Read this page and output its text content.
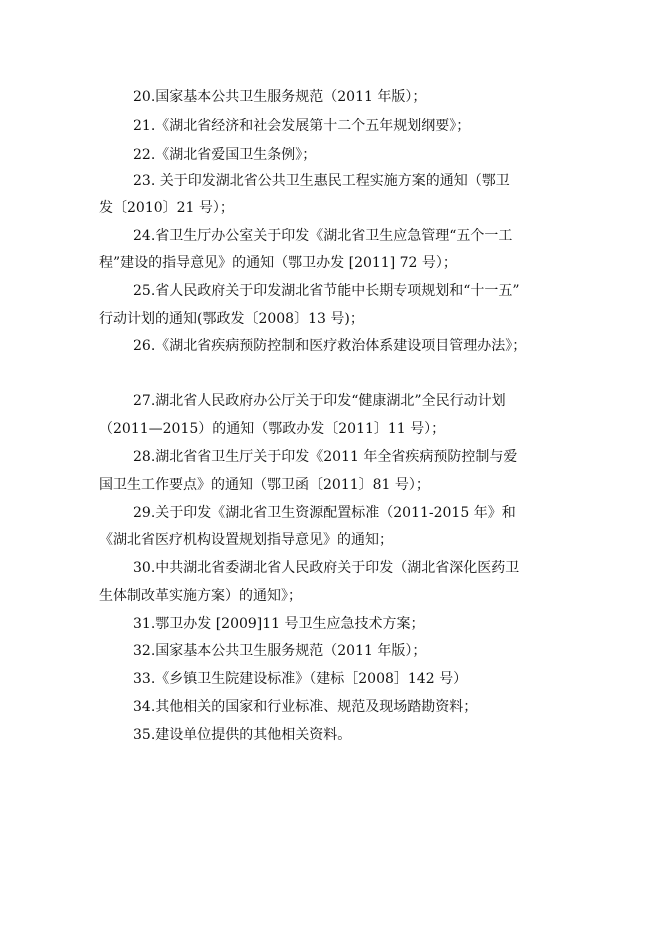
20.国家基本公共卫生服务规范（2011 年版）；
21.《湖北省经济和社会发展第十二个五年规划纲要》；
22.《湖北省爱国卫生条例》；
23. 关于印发湖北省公共卫生惠民工程实施方案的通知（鄂卫
发〔2010〕21 号）；
24.省卫生厅办公室关于印发《湖北省卫生应急管理“五个一工
程”建设的指导意见》的通知（鄂卫办发 [2011] 72 号）；
25.省人民政府关于印发湖北省节能中长期专项规划和“十一五”
行动计划的通知(鄂政发〔2008〕13 号)；
26.《湖北省疾病预防控制和医疗救治体系建设项目管理办法》；
27.湖北省人民政府办公厅关于印发“健康湖北”全民行动计划
（2011—2015）的通知（鄂政办发〔2011〕11 号）；
28.湖北省省卫生厅关于印发《2011 年全省疾病预防控制与爱
国卫生工作要点》的通知（鄂卫函〔2011〕81 号）；
29.关于印发《湖北省卫生资源配置标准（2011-2015 年》和
《湖北省医疗机构设置规划指导意见》的通知；
30.中共湖北省委湖北省人民政府关于印发（湖北省深化医药卫
生体制改革实施方案）的通知》；
31.鄂卫办发 [2009]11 号卫生应急技术方案；
32.国家基本公共卫生服务规范（2011 年版）；
33.《乡镇卫生院建设标准》（建标［2008］142 号）
34.其他相关的国家和行业标准、规范及现场踏勘资料；
35.建设单位提供的其他相关资料。
